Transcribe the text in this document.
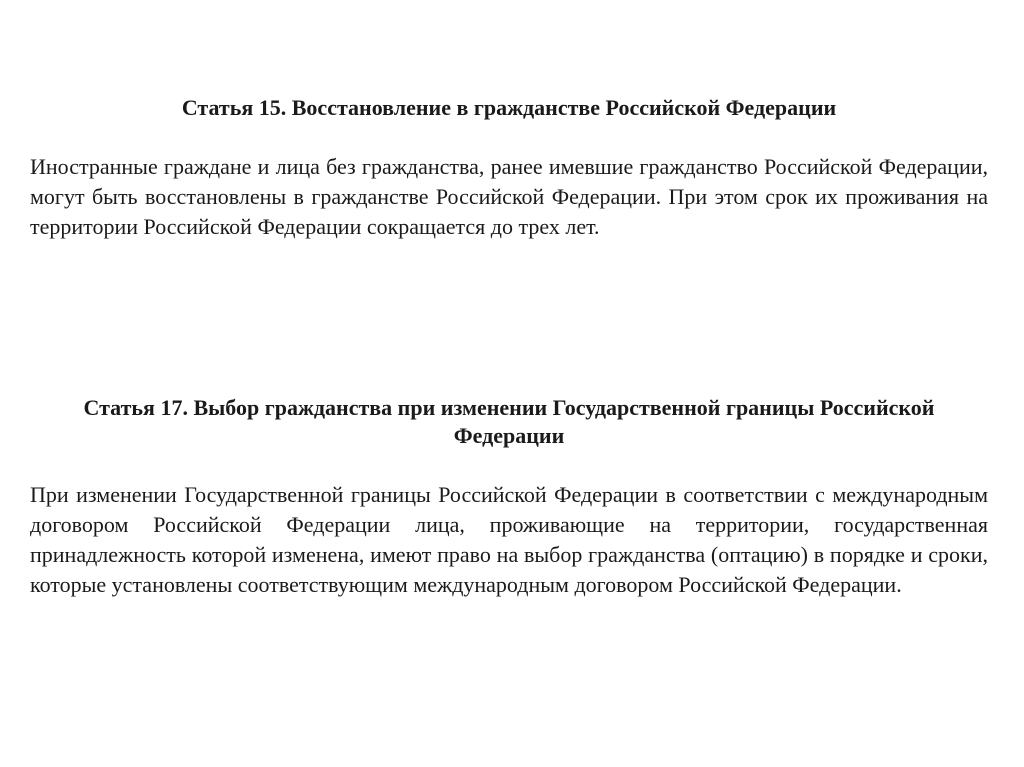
Статья 15. Восстановление в гражданстве Российской Федерации

Иностранные граждане и лица без гражданства, ранее имевшие гражданство Российской Федерации, могут быть восстановлены в гражданстве Российской Федерации. При этом срок их проживания на территории Российской Федерации сокращается до трех лет.

Статья 17. Выбор гражданства при изменении Государственной границы Российской Федерации

При изменении Государственной границы Российской Федерации в соответствии с международным договором Российской Федерации лица, проживающие на территории, государственная принадлежность которой изменена, имеют право на выбор гражданства (оптацию) в порядке и сроки, которые установлены соответствующим международным договором Российской Федерации.
